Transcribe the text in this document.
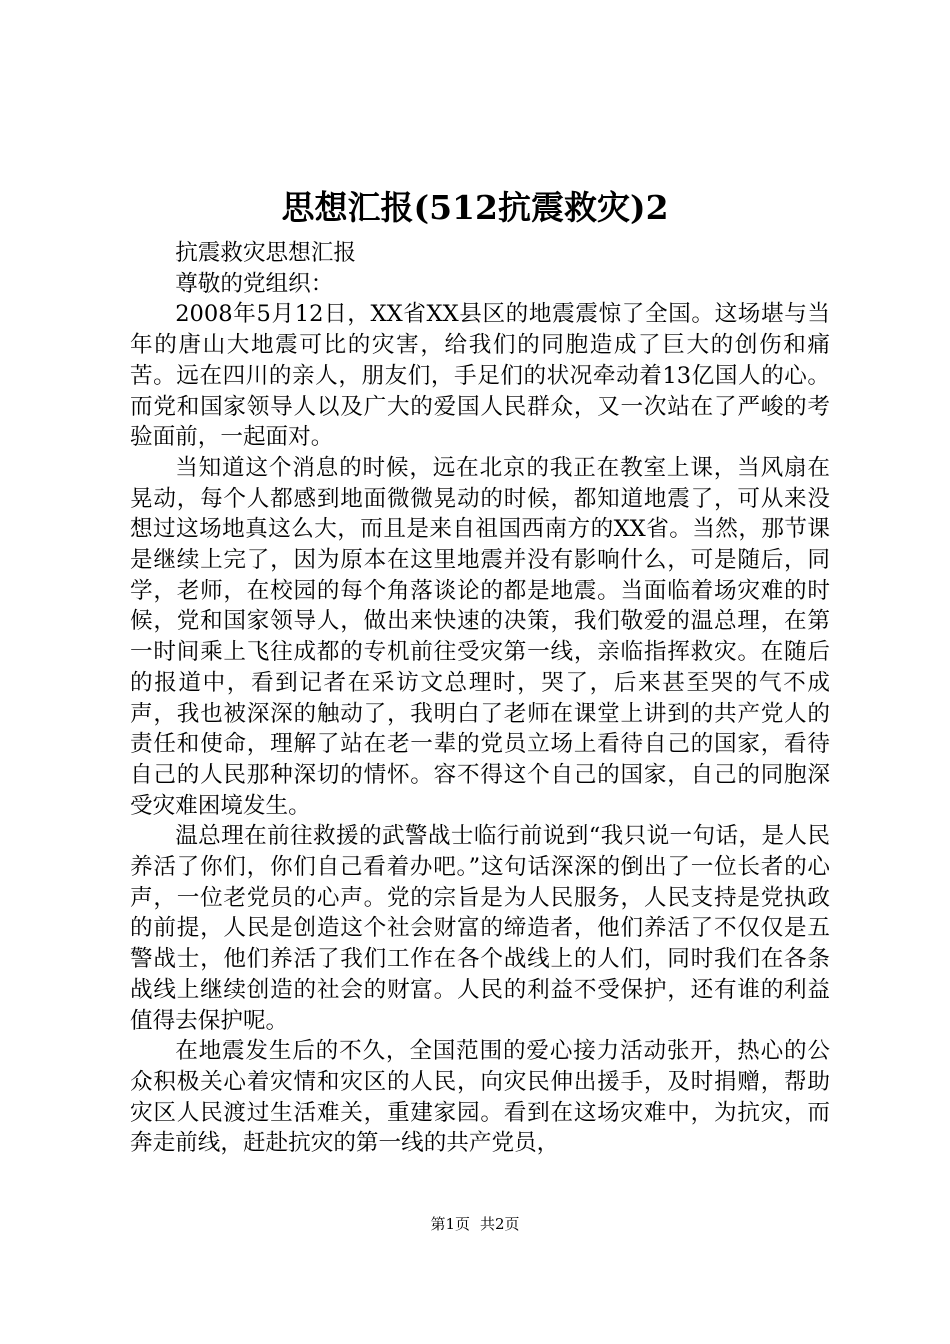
思想汇报(512抗震救灾)2

抗震救灾思想汇报

尊敬的党组织：

2008年5月12日，XX省XX县区的地震震惊了全国。这场堪与当年的唐山大地震可比的灾害，给我们的同胞造成了巨大的创伤和痛苦。远在四川的亲人，朋友们，手足们的状况牵动着13亿国人的心。而党和国家领导人以及广大的爱国人民群众，又一次站在了严峻的考验面前，一起面对。

当知道这个消息的时候，远在北京的我正在教室上课，当风扇在晃动，每个人都感到地面微微晃动的时候，都知道地震了，可从来没想过这场地真这么大，而且是来自祖国西南方的XX省。当然，那节课是继续上完了，因为原本在这里地震并没有影响什么，可是随后，同学，老师，在校园的每个角落谈论的都是地震。当面临着场灾难的时候，党和国家领导人，做出来快速的决策，我们敬爱的温总理，在第一时间乘上飞往成都的专机前往受灾第一线，亲临指挥救灾。在随后的报道中，看到记者在采访文总理时，哭了，后来甚至哭的气不成声，我也被深深的触动了，我明白了老师在课堂上讲到的共产党人的责任和使命，理解了站在老一辈的党员立场上看待自己的国家，看待自己的人民那种深切的情怀。容不得这个自己的国家，自己的同胞深受灾难困境发生。

温总理在前往救援的武警战士临行前说到“我只说一句话，是人民养活了你们，你们自己看着办吧。”这句话深深的倒出了一位长者的心声，一位老党员的心声。党的宗旨是为人民服务，人民支持是党执政的前提，人民是创造这个社会财富的缔造者，他们养活了不仅仅是五警战士，他们养活了我们工作在各个战线上的人们，同时我们在各条战线上继续创造的社会的财富。人民的利益不受保护，还有谁的利益值得去保护呢。

在地震发生后的不久，全国范围的爱心接力活动张开，热心的公众积极关心着灾情和灾区的人民，向灾民伸出援手，及时捐赠，帮助灾区人民渡过生活难关，重建家园。看到在这场灾难中，为抗灾，而奔走前线，赶赴抗灾的第一线的共产党员，

第1页 共2页
